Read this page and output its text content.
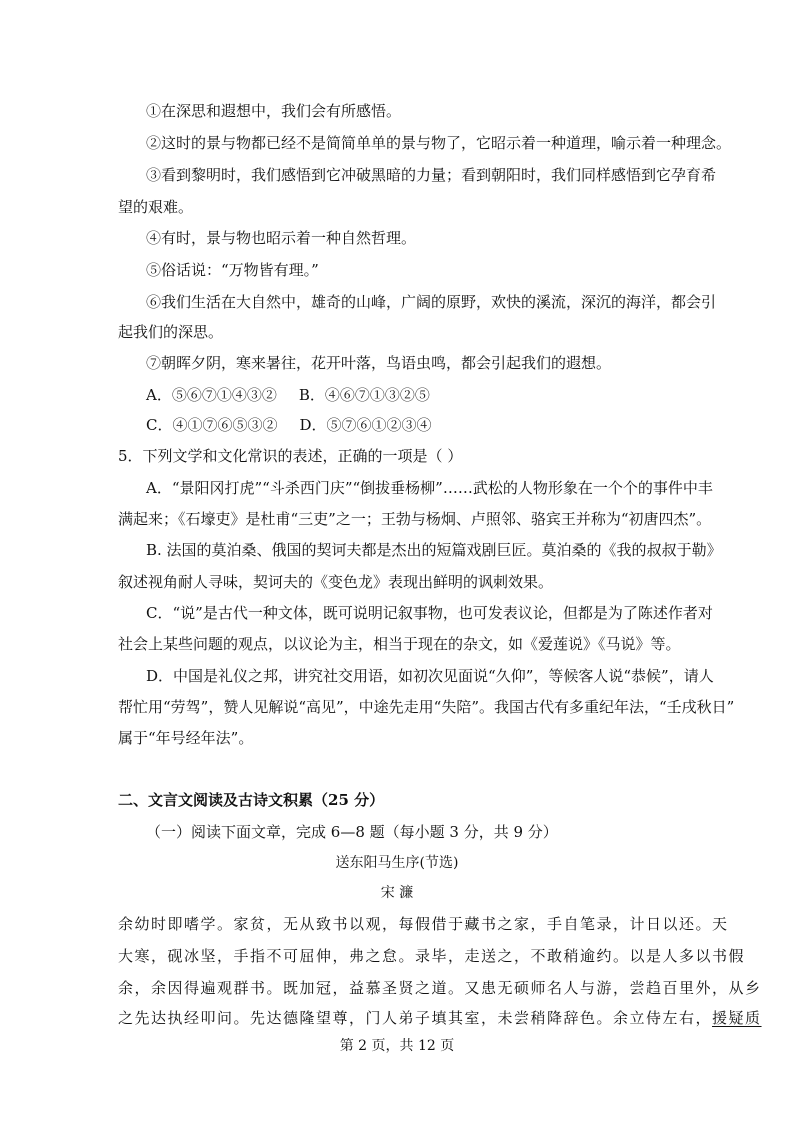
①在深思和遐想中，我们会有所感悟。
②这时的景与物都已经不是简简单单的景与物了，它昭示着一种道理，喻示着一种理念。
③看到黎明时，我们感悟到它冲破黑暗的力量；看到朝阳时，我们同样感悟到它孕育希
望的艰难。
④有时，景与物也昭示着一种自然哲理。
⑤俗话说：“万物皆有理。”
⑥我们生活在大自然中，雄奇的山峰，广阔的原野，欢快的溪流，深沉的海洋，都会引
起我们的深思。
⑦朝晖夕阴，寒来暑往，花开叶落，鸟语虫鸣，都会引起我们的遐想。
A．⑤⑥⑦①④③② B．④⑥⑦①③②⑤
C．④①⑦⑥⑤③② D．⑤⑦⑥①②③④
5．下列文学和文化常识的表述，正确的一项是（ ）
A．“景阳冈打虎”“斗杀西门庆”“倒拔垂杨柳”……武松的人物形象在一个个的事件中丰
满起来；《石壕吏》是杜甫“三吏”之一；王勃与杨炯、卢照邻、骆宾王并称为“初唐四杰”。
B. 法国的莫泊桑、俄国的契诃夫都是杰出的短篇戏剧巨匠。莫泊桑的《我的叔叔于勒》
叙述视角耐人寻味，契诃夫的《变色龙》表现出鲜明的讽刺效果。
C．“说”是古代一种文体，既可说明记叙事物，也可发表议论，但都是为了陈述作者对
社会上某些问题的观点，以议论为主，相当于现在的杂文，如《爱莲说》《马说》等。
D．中国是礼仪之邦，讲究社交用语，如初次见面说“久仰”，等候客人说“恭候”，请人
帮忙用“劳驾”，赞人见解说“高见”，中途先走用“失陪”。我国古代有多重纪年法，“壬戌秋日”
属于“年号经年法”。
二、文言文阅读及古诗文积累（25 分）
（一）阅读下面文章，完成 6—8 题（每小题 3 分，共 9 分）
送东阳马生序(节选)
宋 濂
余幼时即嗜学。家贫，无从致书以观，每假借于藏书之家，手自笔录，计日以还。天
大寒，砚冰坚，手指不可屈伸，弗之怠。录毕，走送之，不敢稍逾约。以是人多以书假
余，余因得遍观群书。既加冠，益慕圣贤之道。又患无硕师名人与游，尝趋百里外，从乡
之先达执经叩问。先达德隆望尊，门人弟子填其室，未尝稍降辞色。余立侍左右，援疑质
第 2 页，共 12 页
